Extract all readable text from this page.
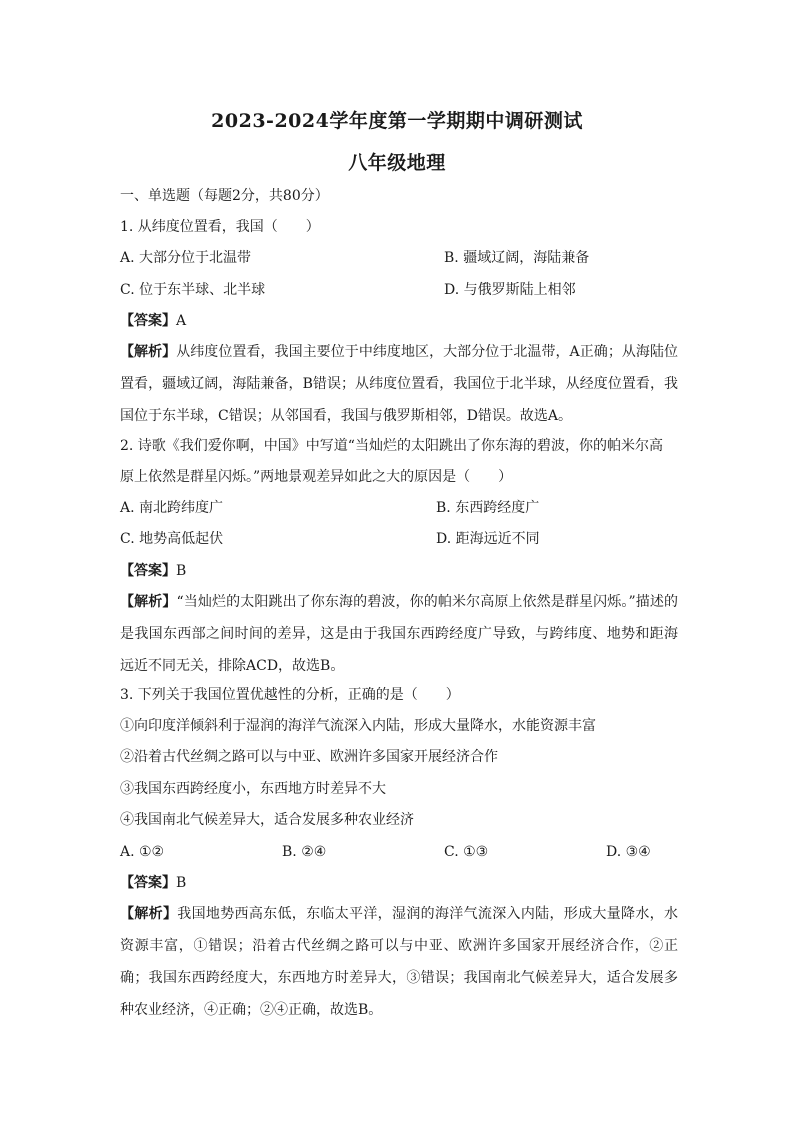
2023-2024学年度第一学期期中调研测试
八年级地理
一、单选题（每题2分，共80分）
1. 从纬度位置看，我国（　　）
A. 大部分位于北温带	B. 疆域辽阔，海陆兼备
C. 位于东半球、北半球	D. 与俄罗斯陆上相邻
【答案】A
【解析】从纬度位置看，我国主要位于中纬度地区，大部分位于北温带，A正确；从海陆位置看，疆域辽阔，海陆兼备，B错误；从纬度位置看，我国位于北半球，从经度位置看，我国位于东半球，C错误；从邻国看，我国与俄罗斯相邻，D错误。故选A。
2. 诗歌《我们爱你啊，中国》中写道“当灿烂的太阳跳出了你东海的碧波，你的帕米尔高
原上依然是群星闪烁。”两地景观差异如此之大的原因是（　　）
A. 南北跨纬度广	B. 东西跨经度广
C. 地势高低起伏	D. 距海远近不同
【答案】B
【解析】“当灿烂的太阳跳出了你东海的碧波，你的帕米尔高原上依然是群星闪烁。”描述的是我国东西部之间时间的差异，这是由于我国东西跨经度广导致，与跨纬度、地势和距海远近不同无关，排除ACD，故选B。
3. 下列关于我国位置优越性的分析，正确的是（　　）
①向印度洋倾斜利于湿润的海洋气流深入内陆，形成大量降水，水能资源丰富
②沿着古代丝绸之路可以与中亚、欧洲许多国家开展经济合作
③我国东西跨经度小，东西地方时差异不大
④我国南北气候差异大，适合发展多种农业经济
A. ①②	B. ②④	C. ①③	D. ③④
【答案】B
【解析】我国地势西高东低，东临太平洋，湿润的海洋气流深入内陆，形成大量降水，水资源丰富，①错误；沿着古代丝绸之路可以与中亚、欧洲许多国家开展经济合作，②正确；我国东西跨经度大，东西地方时差异大，③错误；我国南北气候差异大，适合发展多种农业经济，④正确；②④正确，故选B。
